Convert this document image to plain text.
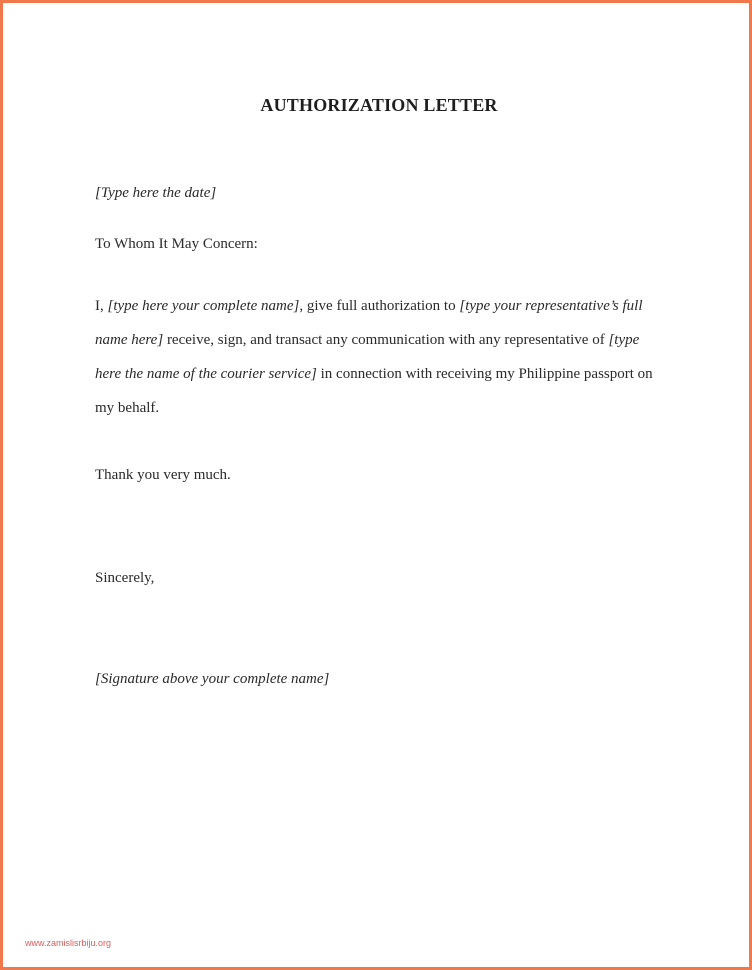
AUTHORIZATION LETTER
[Type here the date]
To Whom It May Concern:
I, [type here your complete name], give full authorization to [type your representative’s full
name here] receive, sign, and transact any communication with any representative of [type
here the name of the courier service] in connection with receiving my Philippine passport on
my behalf.
Thank you very much.
Sincerely,
[Signature above your complete name]
www.zamislisrbiju.org
